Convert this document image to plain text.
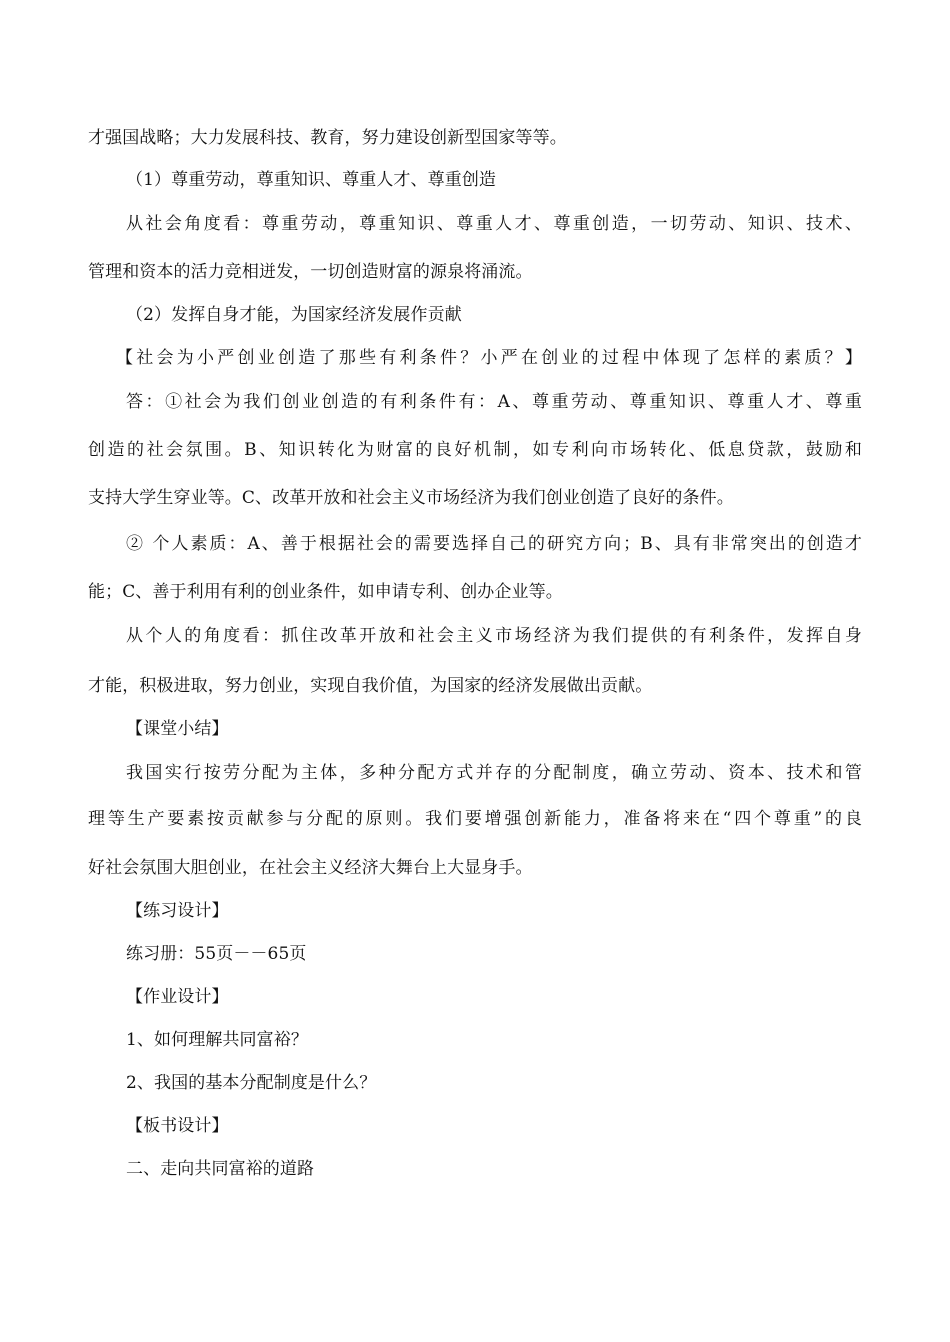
才强国战略；大力发展科技、教育，努力建设创新型国家等等。
（1）尊重劳动，尊重知识、尊重人才、尊重创造
从社会角度看：尊重劳动，尊重知识、尊重人才、尊重创造，一切劳动、知识、技术、
管理和资本的活力竞相迸发，一切创造财富的源泉将涌流。
（2）发挥自身才能，为国家经济发展作贡献
【社会为小严创业创造了那些有利条件？小严在创业的过程中体现了怎样的素质？】
答：①社会为我们创业创造的有利条件有：A、尊重劳动、尊重知识、尊重人才、尊重
创造的社会氛围。B、知识转化为财富的良好机制，如专利向市场转化、低息贷款，鼓励和
支持大学生穿业等。C、改革开放和社会主义市场经济为我们创业创造了良好的条件。
② 个人素质：A、善于根据社会的需要选择自己的研究方向；B、具有非常突出的创造才
能；C、善于利用有利的创业条件，如申请专利、创办企业等。
从个人的角度看：抓住改革开放和社会主义市场经济为我们提供的有利条件，发挥自身
才能，积极进取，努力创业，实现自我价值，为国家的经济发展做出贡献。
【课堂小结】
我国实行按劳分配为主体，多种分配方式并存的分配制度，确立劳动、资本、技术和管
理等生产要素按贡献参与分配的原则。我们要增强创新能力，准备将来在“四个尊重”的良
好社会氛围大胆创业，在社会主义经济大舞台上大显身手。
【练习设计】
练习册：55页－－65页
【作业设计】
1、如何理解共同富裕？
2、我国的基本分配制度是什么？
【板书设计】
二、走向共同富裕的道路
